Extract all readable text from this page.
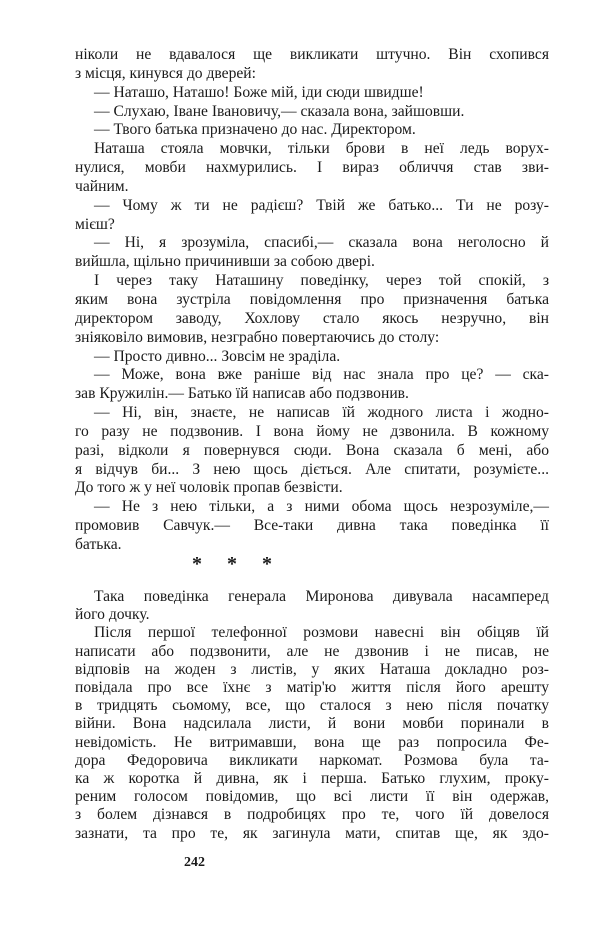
ніколи не вдавалося ще викликати штучно. Він схопився
з місця, кинувся до дверей:
— Наташо, Наташо! Боже мій, іди сюди швидше!
— Слухаю, Іване Івановичу,— сказала вона, зайшовши.
— Твого батька призначено до нас. Директором.
Наташа стояла мовчки, тільки брови в неї ледь ворух-
нулися, мовби нахмурились. І вираз обличчя став зви-
чайним.
— Чому ж ти не радієш? Твій же батько... Ти не розу-
мієш?
— Ні, я зрозуміла, спасибі,— сказала вона неголосно й
вийшла, щільно причинивши за собою двері.
І через таку Наташину поведінку, через той спокій, з
яким вона зустріла повідомлення про призначення батька
директором заводу, Хохлову стало якось незручно, він
зніяковіло вимовив, незграбно повертаючись до столу:
— Просто дивно... Зовсім не зраділа.
— Може, вона вже раніше від нас знала про це? — ска-
зав Кружилін.— Батько їй написав або подзвонив.
— Ні, він, знаєте, не написав їй жодного листа і жодно-
го разу не подзвонив. І вона йому не дзвонила. В кожному
разі, відколи я повернувся сюди. Вона сказала б мені, або
я відчув би... З нею щось діється. Але спитати, розумієте...
До того ж у неї чоловік пропав безвісти.
— Не з нею тільки, а з ними обома щось незрозуміле,—
промовив Савчук.— Все-таки дивна така поведінка її
батька.
* * *
Така поведінка генерала Миронова дивувала насамперед
його дочку.
Після першої телефонної розмови навесні він обіцяв їй
написати або подзвонити, але не дзвонив і не писав, не
відповів на жоден з листів, у яких Наташа докладно роз-
повідала про все їхнє з матір'ю життя після його арешту
в тридцять сьомому, все, що сталося з нею після початку
війни. Вона надсилала листи, й вони мовби поринали в
невідомість. Не витримавши, вона ще раз попросила Фе-
дора Федоровича викликати наркомат. Розмова була та-
ка ж коротка й дивна, як і перша. Батько глухим, проку-
реним голосом повідомив, що всі листи її він одержав,
з болем дізнався в подробицях про те, чого їй довелося
зазнати, та про те, як загинула мати, спитав ще, як здо-
242
